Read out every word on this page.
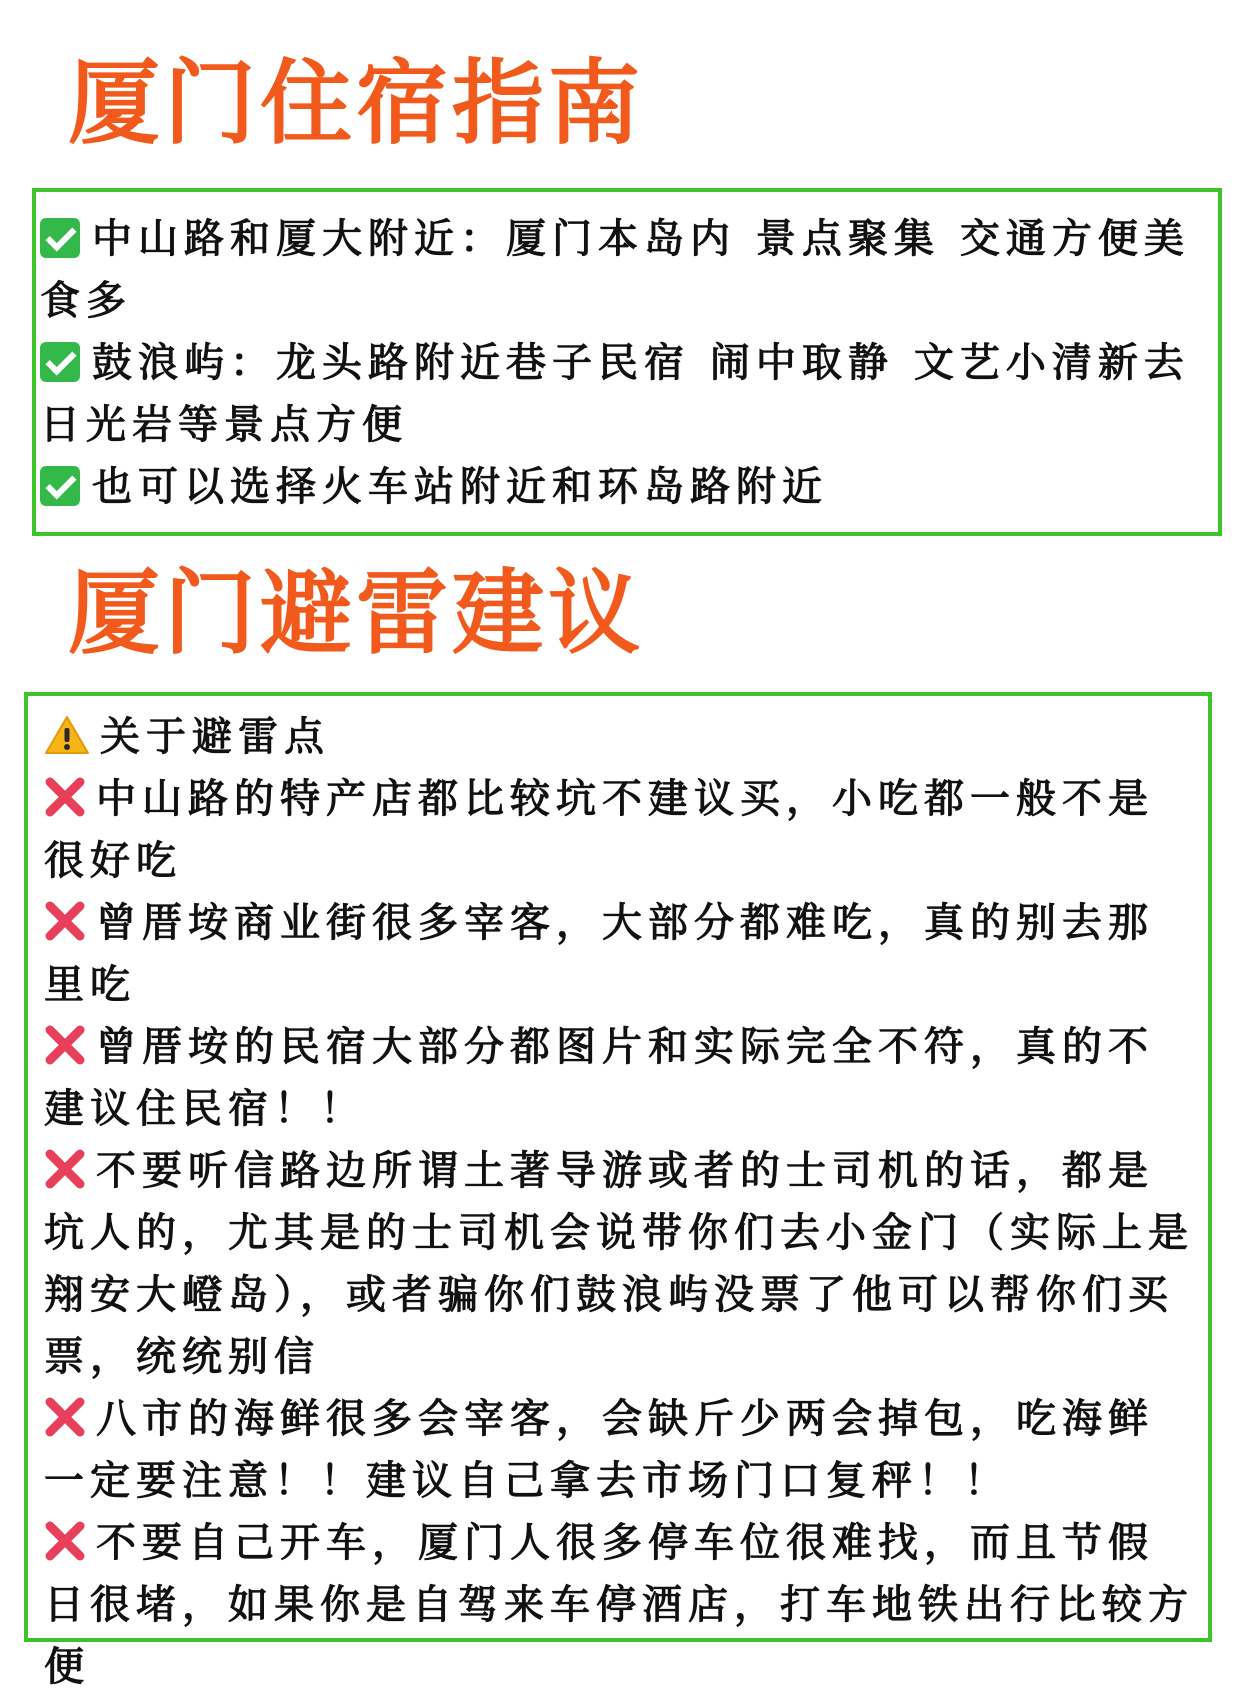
厦门住宿指南

中山路和厦大附近：厦门本岛内 景点聚集 交通方便美食多

鼓浪屿：龙头路附近巷子民宿 闹中取静 文艺小清新去日光岩等景点方便

也可以选择火车站附近和环岛路附近

厦门避雷建议

关于避雷点

中山路的特产店都比较坑不建议买，小吃都一般不是很好吃

曾厝垵商业街很多宰客，大部分都难吃，真的别去那里吃

曾厝垵的民宿大部分都图片和实际完全不符，真的不建议住民宿！！

不要听信路边所谓土著导游或者的士司机的话，都是坑人的，尤其是的士司机会说带你们去小金门（实际上是翔安大嶝岛），或者骗你们鼓浪屿没票了他可以帮你们买票，统统别信

八市的海鲜很多会宰客，会缺斤少两会掉包，吃海鲜一定要注意！！建议自己拿去市场门口复秤！！

不要自己开车，厦门人很多停车位很难找，而且节假日很堵，如果你是自驾来车停酒店，打车地铁出行比较方便
